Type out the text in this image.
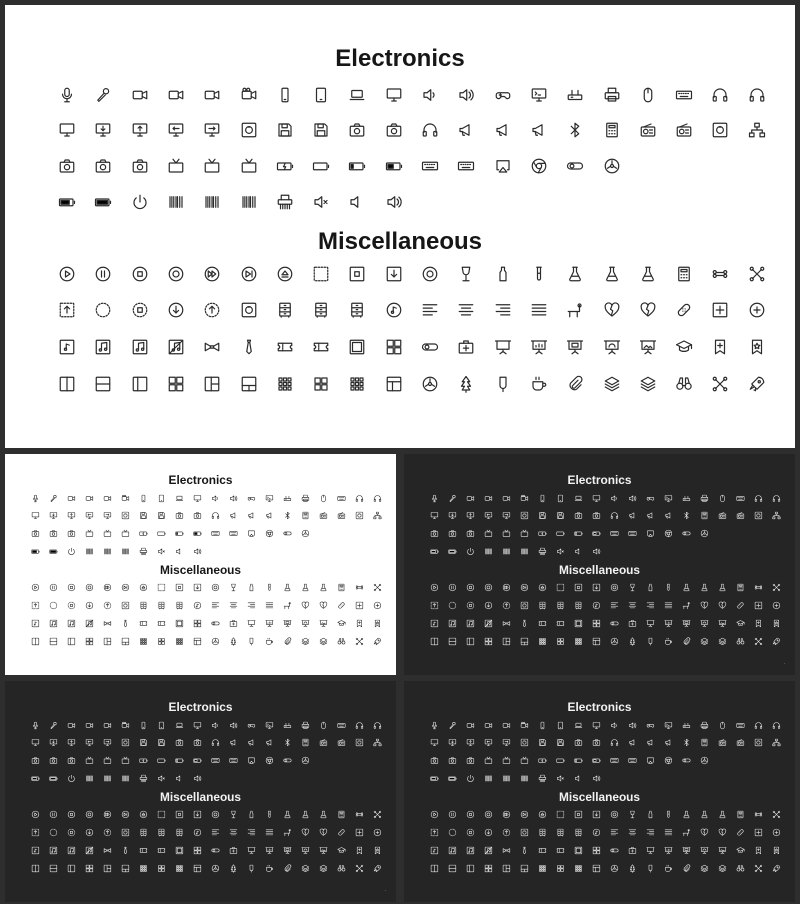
Electronics
Miscellaneous
Electronics
Miscellaneous
Electronics
Miscellaneous
·
Electronics
Miscellaneous
·
Electronics
Miscellaneous
